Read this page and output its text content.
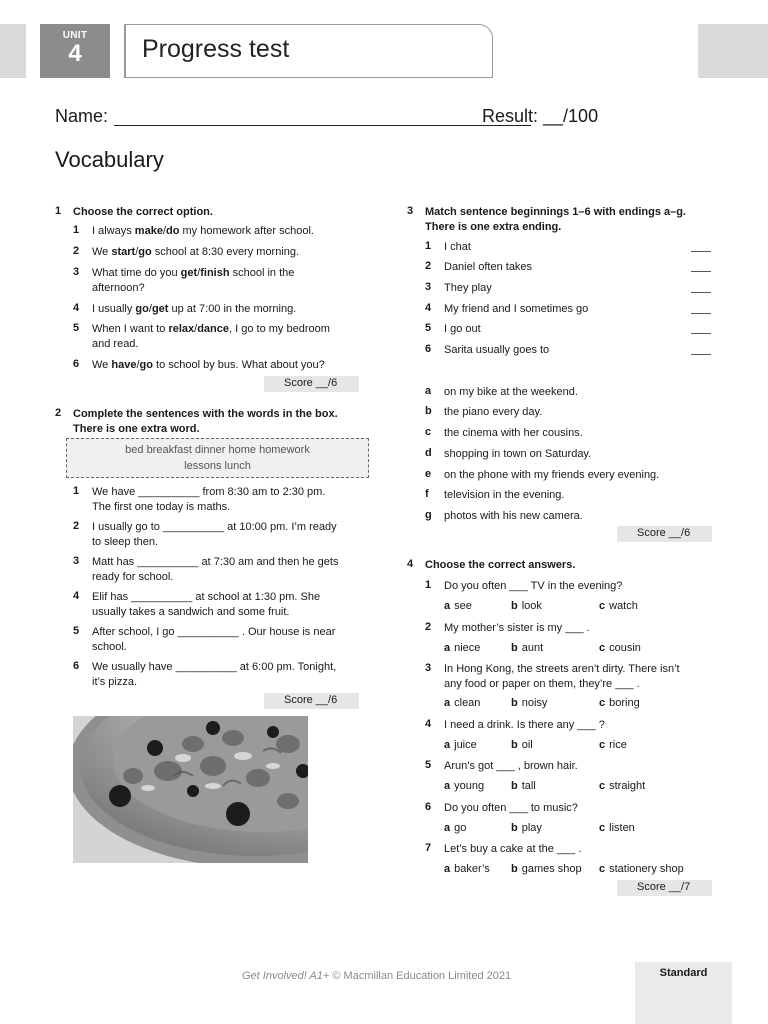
UNIT
4	Progress test
Name:	Result: __/100
Vocabulary
1 Choose the correct option.
1 I always make/do my homework after school.
2 We start/go school at 8:30 every morning.
3 What time do you get/finish school in the
afternoon?
4 I usually go/get up at 7:00 in the morning.
5 When I want to relax/dance, I go to my bedroom
and read.
6 We have/go to school by bus. What about you?
Score __/6
2 Complete the sentences with the words in the box.
There is one extra word.
bed breakfast dinner home homework
lessons lunch
1 We have __________ from 8:30 am to 2:30 pm.
The first one today is maths.
2 I usually go to __________ at 10:00 pm. I’m ready
to sleep then.
3 Matt has __________ at 7:30 am and then he gets
ready for school.
4 Elif has __________ at school at 1:30 pm. She
usually takes a sandwich and some fruit.
5 After school, I go __________ . Our house is near
school.
6 We usually have __________ at 6:00 pm. Tonight,
it’s pizza.
Score __/6
3 Match sentence beginnings 1–6 with endings a–g.
There is one extra ending.
1 I chat
2 Daniel often takes
3 They play
4 My friend and I sometimes go
5 I go out
6 Sarita usually goes to
a on my bike at the weekend.
b the piano every day.
c the cinema with her cousins.
d shopping in town on Saturday.
e on the phone with my friends every evening.
f television in the evening.
g photos with his new camera.
Score __/6
4 Choose the correct answers.
1 Do you often ___ TV in the evening?
a see	b look	c watch
2 My mother’s sister is my ___ .
a niece	b aunt	c cousin
3 In Hong Kong, the streets aren’t dirty. There isn’t
any food or paper on them, they’re ___ .
a clean	b noisy	c boring
4 I need a drink. Is there any ___ ?
a juice	b oil	c rice
5 Arun’s got ___ , brown hair.
a young b tall	c straight
6 Do you often ___ to music?
a go	b play	c listen
7 Let’s buy a cake at the ___ .
a baker’s b games shop c stationery shop
Score __/7
Get Involved! A1+ © Macmillan Education Limited 2021	Standard
